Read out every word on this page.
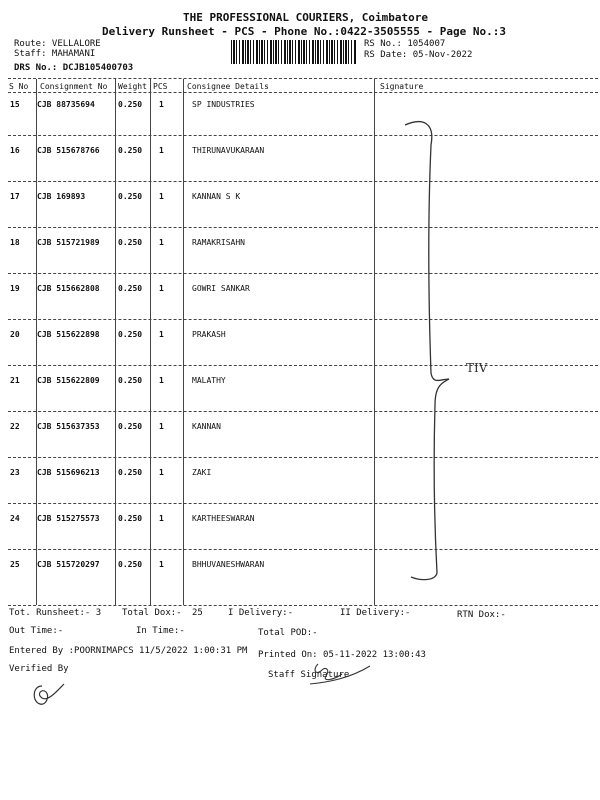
THE PROFESSIONAL COURIERS, Coimbatore
Delivery Runsheet - PCS - Phone No.:0422-3505555 - Page No.:3
Route: VELLALORE
Staff: MAHAMANI
DRS No.: DCJB105400703
RS No.: 1054007
RS Date: 05-Nov-2022
S No Consignment No Weight PCS Consignee Details	Signature
15 CJB 88735694	0.250 1	SP INDUSTRIES
16 CJB 515678766 0.250 1	THIRUNAVUKARAAN
17 CJB 169893	0.250 1	KANNAN S K
18 CJB 515721989 0.250 1	RAMAKRISAHN
19 CJB 515662808 0.250 1	GOWRI SANKAR
20 CJB 515622898 0.250 1	PRAKASH
21 CJB 515622809 0.250 1	MALATHY
22 CJB 515637353 0.250 1	KANNAN
23 CJB 515696213 0.250 1	ZAKI
24 CJB 515275573 0.250 1	KARTHEESWARAN
25 CJB 515720297 0.250 1	BHHUVANESHWARAN
TIV
Tot. Runsheet:- 3 Total Dox:- 25	I Delivery:-	II Delivery:-	RTN Dox:-
Out Time:-	In Time:-	Total POD:-
Entered By :POORNIMAPCS 11/5/2022 1:00:31 PM Printed On: 05-11-2022 13:00:43
Verified By
Staff Signature
